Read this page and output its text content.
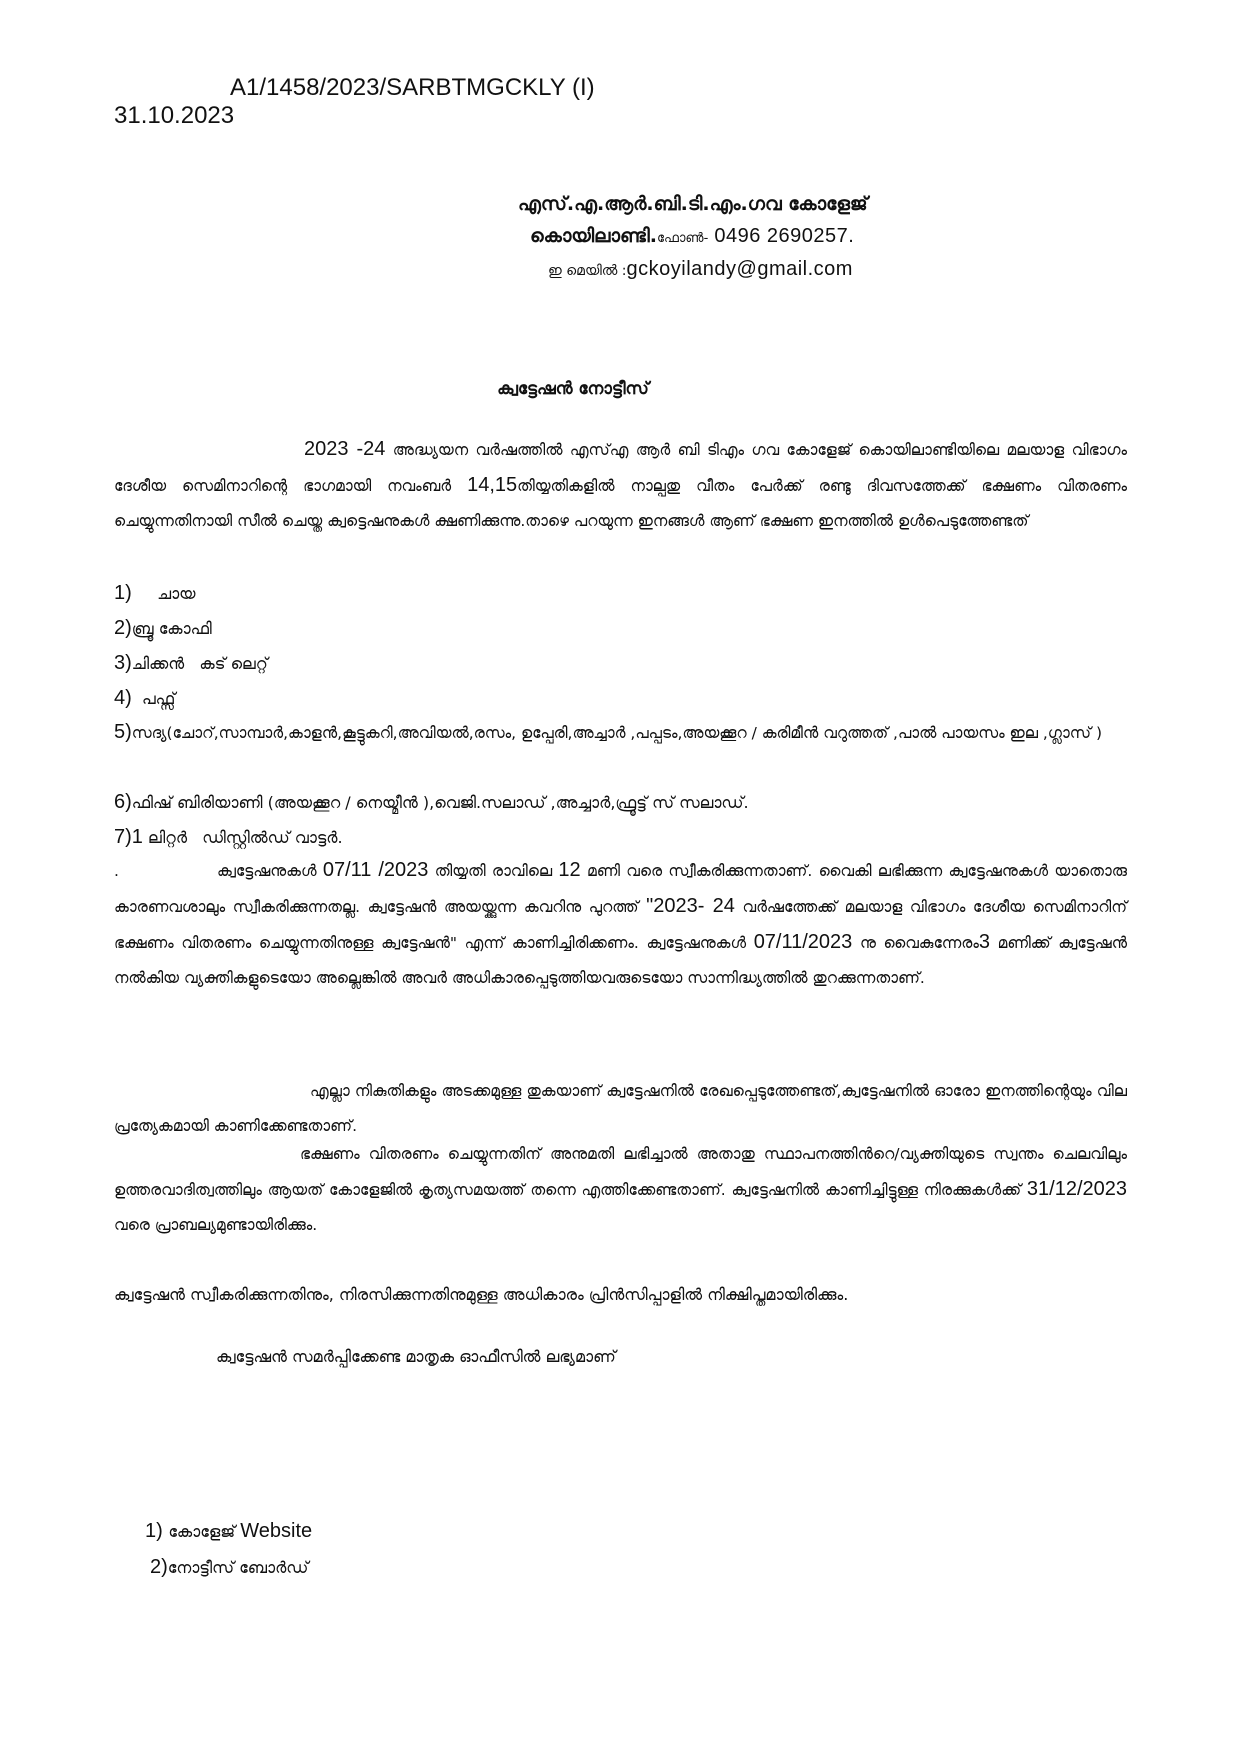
A1/1458/2023/SARBTMGCKLY (I)
31.10.2023
എസ്.എ.ആർ.ബി.ടി.എം.ഗവ കോളേജ്
കൊയിലാണ്ടി.ഫോൺ- 0496 2690257.
ഇ മെയിൽ :gckoyilandy@gmail.com
ക്വട്ടേഷൻ നോട്ടീസ്
2023 -24 അദ്ധ്യയന വർഷത്തിൽ എസ്എ ആർ ബി ടിഎം ഗവ കോളേജ് കൊയിലാണ്ടിയിലെ മലയാള വിഭാഗം ദേശീയ സെമിനാറിന്റെ ഭാഗമായി നവംബർ 14,15തിയ്യതികളിൽ നാല്പതു വീതം പേർക്ക് രണ്ടു ദിവസത്തേക്ക് ഭക്ഷണം വിതരണം ചെയ്യുന്നതിനായി സീൽ ചെയ്ത ക്വട്ടെഷനുകൾ ക്ഷണിക്കുന്നു.താഴെ പറയുന്ന ഇനങ്ങൾ ആണ് ഭക്ഷണ ഇനത്തിൽ ഉൾപെടുത്തേണ്ടത്
1)     ചായ
2)ബ്രൂ കോഫി
3)ചിക്കൻ   കട് ലെറ്റ്
4)  പഫ്സ്
5)സദ്യ(ചോറ്,സാമ്പാർ,കാളൻ,കൂട്ടുകറി,അവിയൽ,രസം, ഉപ്പേരി,അച്ചാർ ,പപ്പടം,അയക്കൂറ / കരിമീൻ വറുത്തത് ,പാൽ പായസം ഇല ,ഗ്ലാസ് )
6)ഫിഷ് ബിരിയാണി (അയക്കൂറ / നെയ്മീൻ ),വെജി.സലാഡ് ,അച്ചാർ,ഫ്രൂട്ട് സ് സലാഡ്.
7)1 ലിറ്റർ   ഡിസ്റ്റിൽഡ് വാട്ടർ.
.	ക്വട്ടേഷനുകൾ 07/11 /2023 തിയ്യതി രാവിലെ 12 മണി വരെ സ്വീകരിക്കുന്നതാണ്. വൈകി ലഭിക്കുന്ന ക്വട്ടേഷനുകൾ യാതൊരു കാരണവശാലും സ്വീകരിക്കുന്നതല്ല. ക്വട്ടേഷൻ അയയ്ക്കുന്ന കവറിനു പുറത്ത് "2023- 24 വർഷത്തേക്ക് മലയാള വിഭാഗം ദേശീയ സെമിനാറിന് ഭക്ഷണം വിതരണം ചെയ്യുന്നതിനുള്ള ക്വട്ടേഷൻ" എന്ന് കാണിച്ചിരിക്കണം. ക്വട്ടേഷനുകൾ 07/11/2023 നു വൈകുന്നേരം3 മണിക്ക് ക്വട്ടേഷൻ നൽകിയ വ്യക്തികളുടെയോ അല്ലെങ്കിൽ അവർ അധികാരപ്പെടുത്തിയവരുടെയോ സാന്നിദ്ധ്യത്തിൽ തുറക്കുന്നതാണ്.
എല്ലാ നികുതികളും അടക്കമുള്ള തുകയാണ് ക്വട്ടേഷനിൽ രേഖപ്പെടുത്തേണ്ടത്,ക്വട്ടേഷനിൽ ഓരോ ഇനത്തിന്റെയും വില പ്രത്യേകമായി കാണിക്കേണ്ടതാണ്.
ഭക്ഷണം വിതരണം ചെയ്യുന്നതിന് അനുമതി ലഭിച്ചാൽ അതാതു സ്ഥാപനത്തിൻറെ/വ്യക്തിയുടെ സ്വന്തം ചെലവിലും ഉത്തരവാദിത്വത്തിലും ആയത് കോളേജിൽ കൃത്യസമയത്ത് തന്നെ എത്തിക്കേണ്ടതാണ്. ക്വട്ടേഷനിൽ കാണിച്ചിട്ടുള്ള നിരക്കുകൾക്ക് 31/12/2023 വരെ പ്രാബല്യമുണ്ടായിരിക്കും.
ക്വട്ടേഷൻ സ്വീകരിക്കുന്നതിനും, നിരസിക്കുന്നതിനുമുള്ള അധികാരം പ്രിൻസിപ്പാളിൽ നിക്ഷിപ്തമായിരിക്കും.
ക്വട്ടേഷൻ സമർപ്പിക്കേണ്ട മാതൃക ഓഫീസിൽ ലഭ്യമാണ്
1) കോളേജ് Website
2)നോട്ടീസ് ബോർഡ്
